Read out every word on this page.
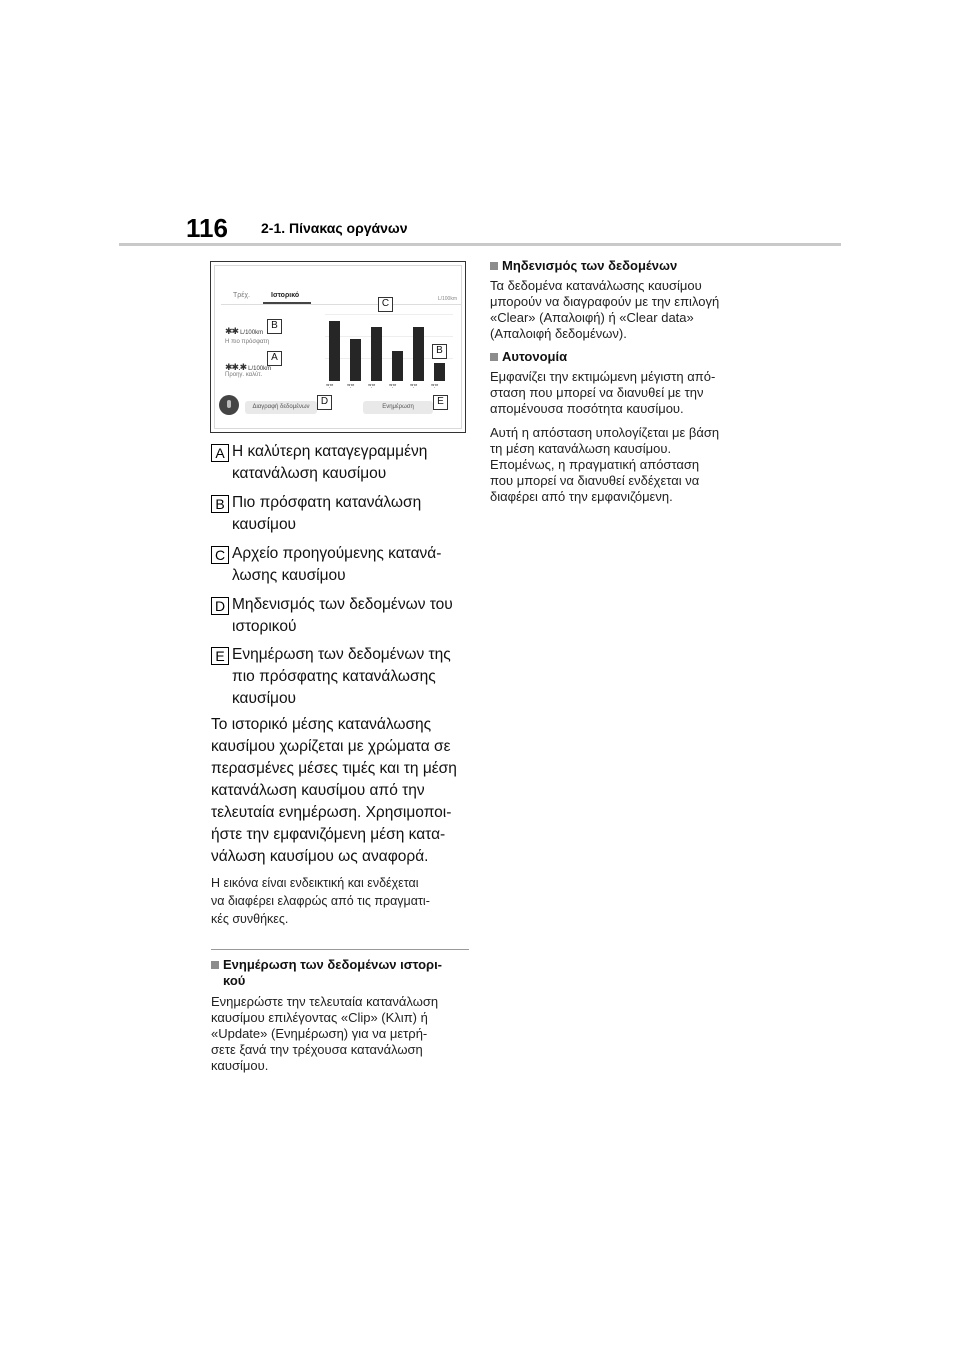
116 2-1. Πίνακας οργάνων
Τρέχ.	Ιστορικό	L/100km
✱✱ L/100km
Η πιο πρόσφατη
✱✱.✱ L/100km
Προηγ. καλύτ.
**.**	**.**	**.**	**.**	**.**	**.**
Διαγραφή δεδομένων	Ενημέρωση
C
B
B
A
D	E
A Η καλύτερη καταγεγραμμένη
κατανάλωση καυσίμου
B Πιο πρόσφατη κατανάλωση
καυσίμου
C Αρχείο προηγούμενης κατανά-
λωσης καυσίμου
D Μηδενισμός των δεδομένων του
ιστορικού
E Ενημέρωση των δεδομένων της
πιο πρόσφατης κατανάλωσης
καυσίμου
Το ιστορικό μέσης κατανάλωσης
καυσίμου χωρίζεται με χρώματα σε
περασμένες μέσες τιμές και τη μέση
κατανάλωση καυσίμου από την
τελευταία ενημέρωση. Χρησιμοποι-
ήστε την εμφανιζόμενη μέση κατα-
νάλωση καυσίμου ως αναφορά.
Η εικόνα είναι ενδεικτική και ενδέχεται
να διαφέρει ελαφρώς από τις πραγματι-
κές συνθήκες.
Ενημέρωση των δεδομένων ιστορι-
κού
Ενημερώστε την τελευταία κατανάλωση
καυσίμου επιλέγοντας «Clip» (Κλιπ) ή
«Update» (Ενημέρωση) για να μετρή-
σετε ξανά την τρέχουσα κατανάλωση
καυσίμου.
Μηδενισμός των δεδομένων
Τα δεδομένα κατανάλωσης καυσίμου
μπορούν να διαγραφούν με την επιλογή
«Clear» (Απαλοιφή) ή «Clear data»
(Απαλοιφή δεδομένων).
Αυτονομία
Εμφανίζει την εκτιμώμενη μέγιστη από-
σταση που μπορεί να διανυθεί με την
απομένουσα ποσότητα καυσίμου.
Αυτή η απόσταση υπολογίζεται με βάση
τη μέση κατανάλωση καυσίμου.
Επομένως, η πραγματική απόσταση
που μπορεί να διανυθεί ενδέχεται να
διαφέρει από την εμφανιζόμενη.
